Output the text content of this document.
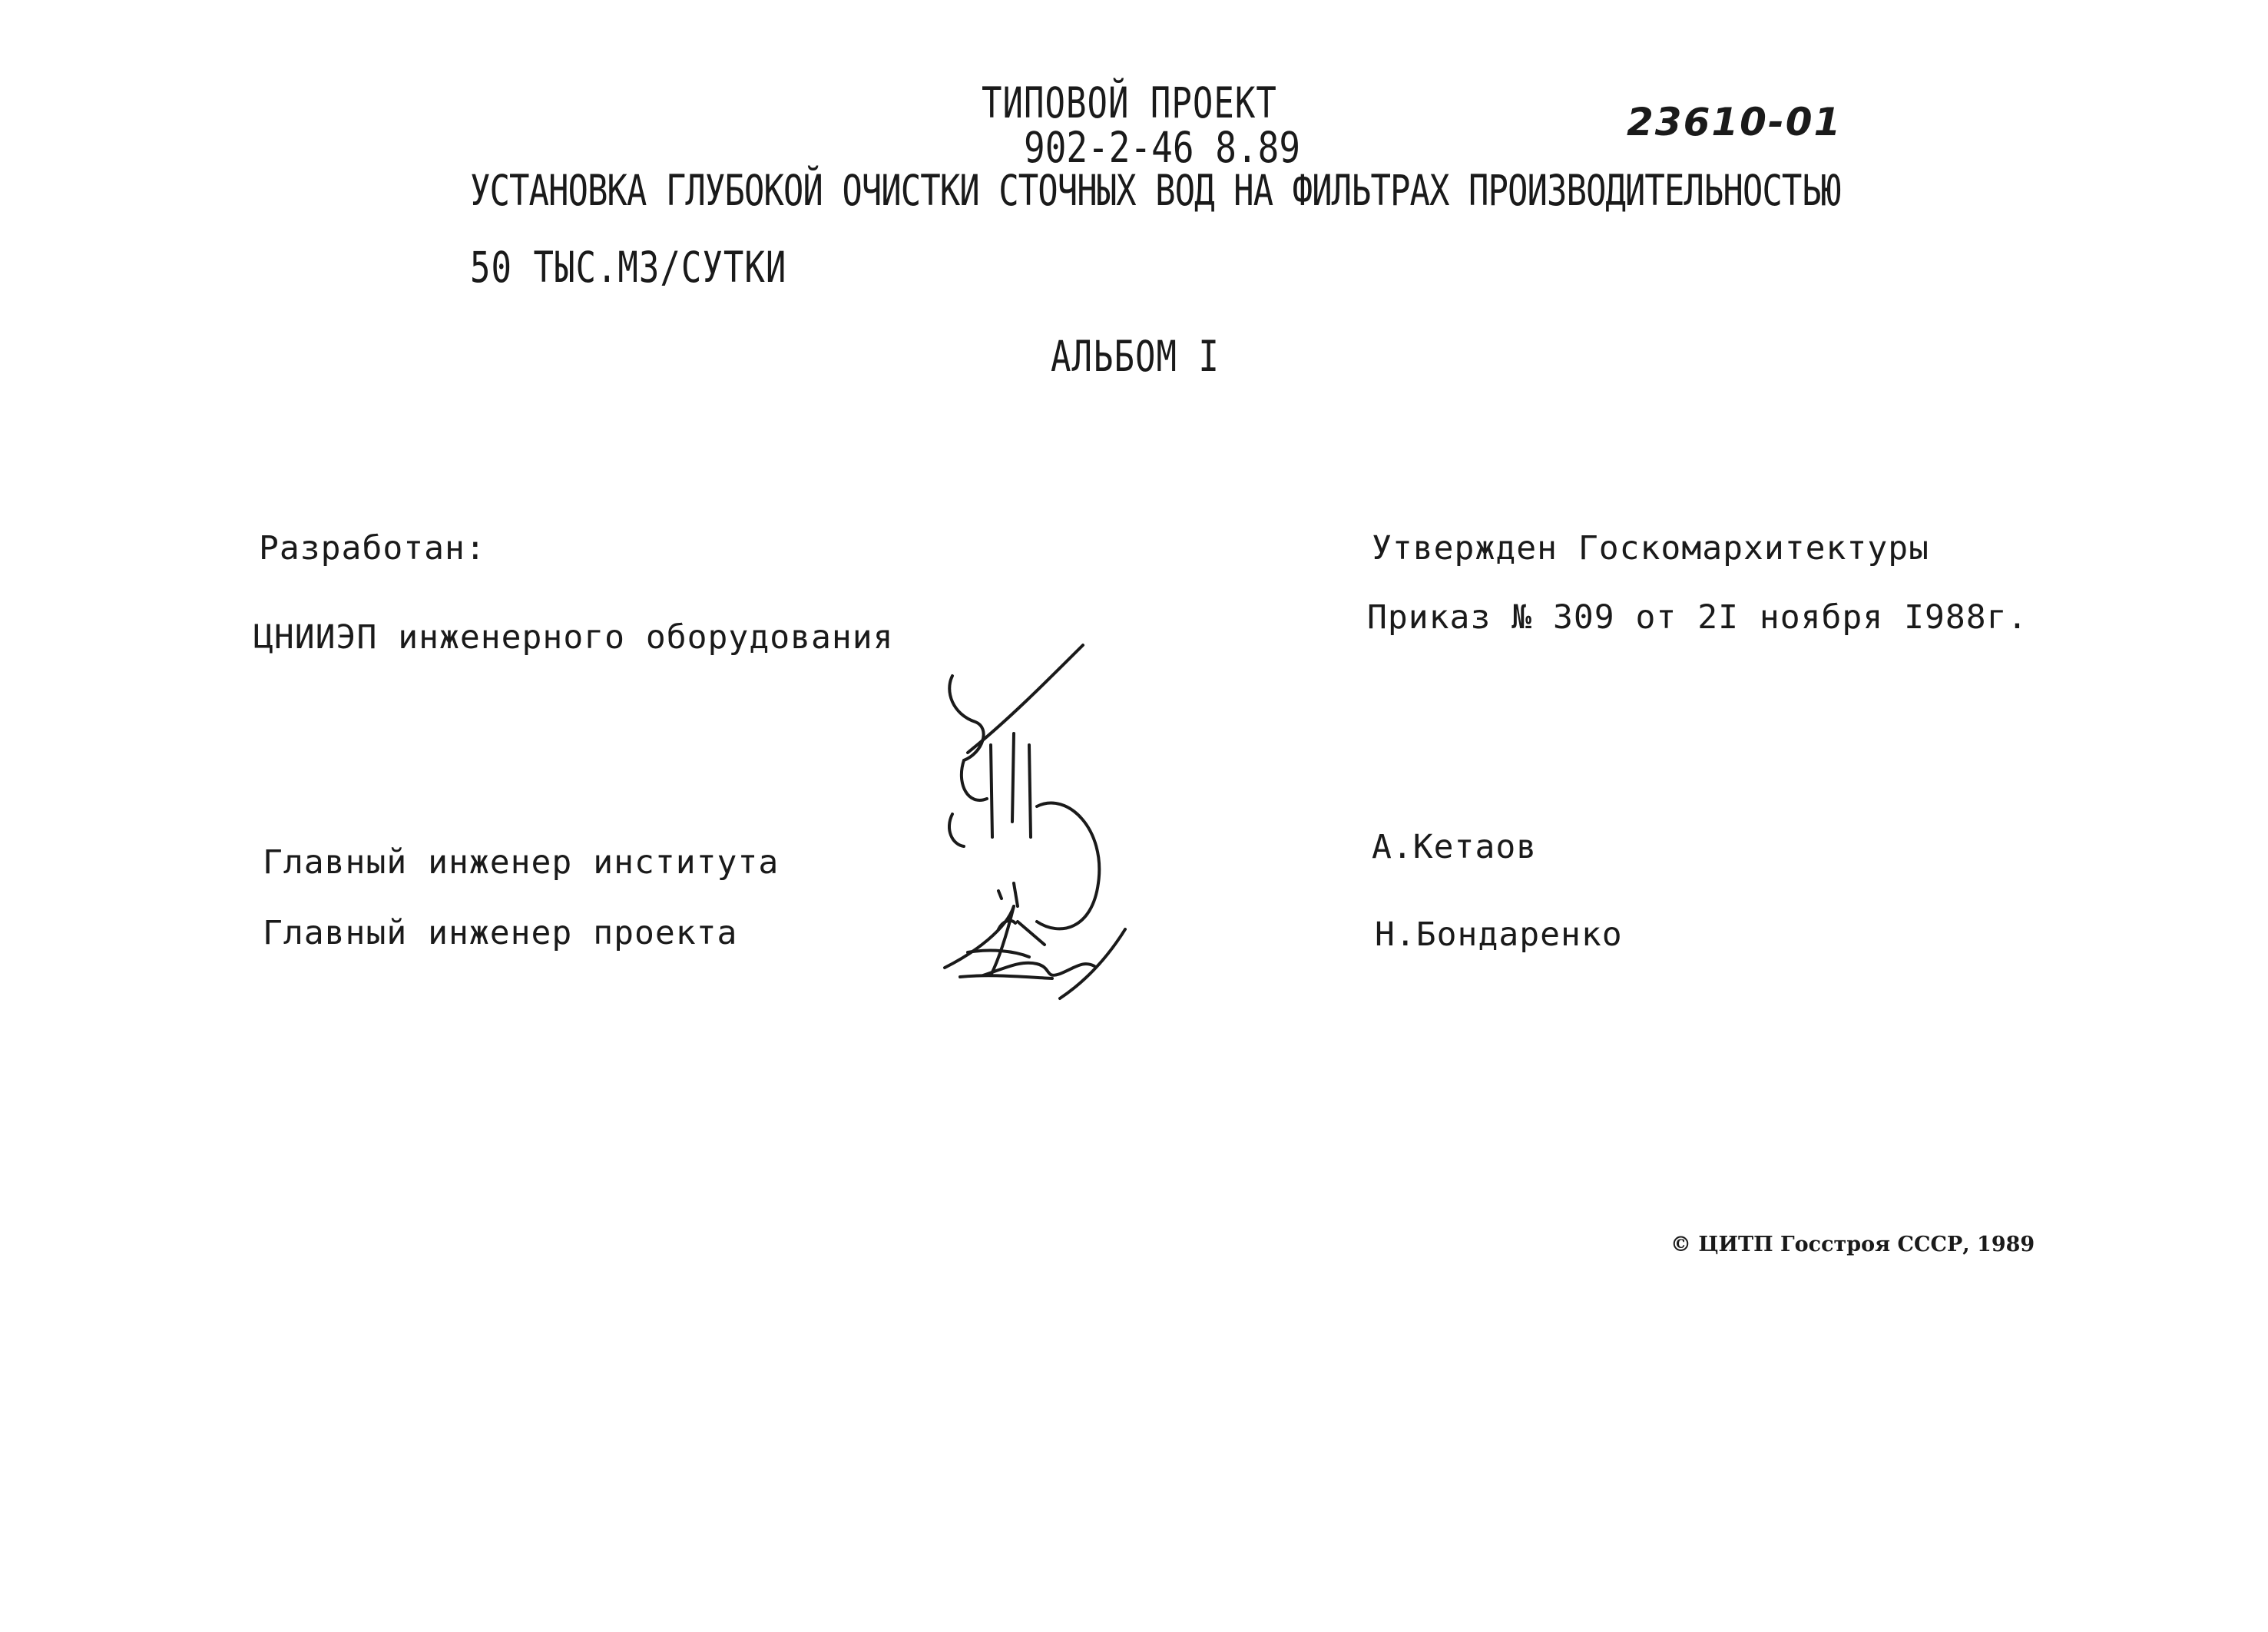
ТИПОВОЙ ПРОЕКТ
902-2-46 8.89
23610-01
УСТАНОВКА ГЛУБОКОЙ ОЧИСТКИ СТОЧНЫХ ВОД НА ФИЛЬТРАХ ПРОИЗВОДИТЕЛЬНОСТЬЮ
50 ТЫС.М3/СУТКИ
АЛЬБОМ I
Разработан:
ЦНИИЭП инженерного оборудования
Главный инженер института
Главный инженер проекта
Утвержден Госкомархитектуры
Приказ № 309 от 2I ноября I988г.
А.Кетаов
Н.Бондаренко
© ЦИТП Госстроя СССР, 1989
